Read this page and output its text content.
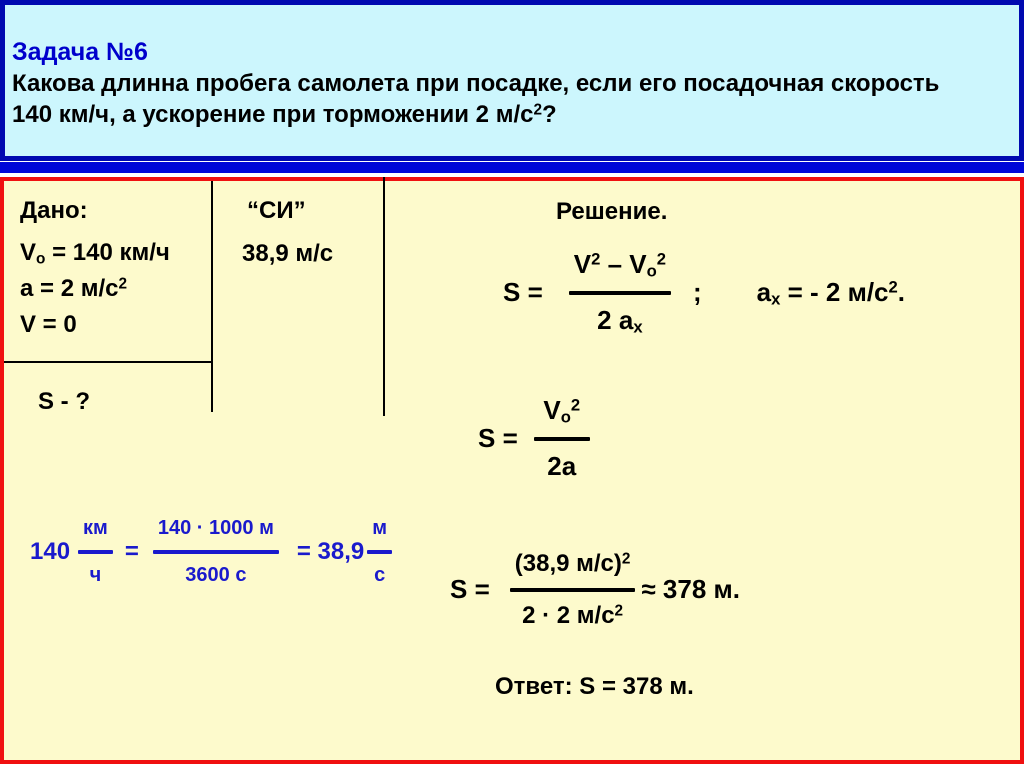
Задача №6
Какова длинна пробега самолета при посадке, если его посадочная скорость
140 км/ч, а ускорение при торможении 2 $м/с^2$?
Дано:
$V_о = 140$ км/ч
а = 2 $м/с^2$
V = 0
S - ?
“СИ”
38,9 м/с
Решение.
$S = \frac{V^2 - V_о^2}{2 a_x}$ ; $a_x$ = - 2 $м/с^2$.
$S = \frac{V_о^2}{2a}$
$140 \frac{км}{ч} = \frac{140 \cdot 1000 м}{3600 с} = 38,9 \frac{м}{с}$
$S = \frac{(38,9 м/с)^2}{2 \cdot 2 м/с^2} \approx 378$ м.
Ответ: S = 378 м.
